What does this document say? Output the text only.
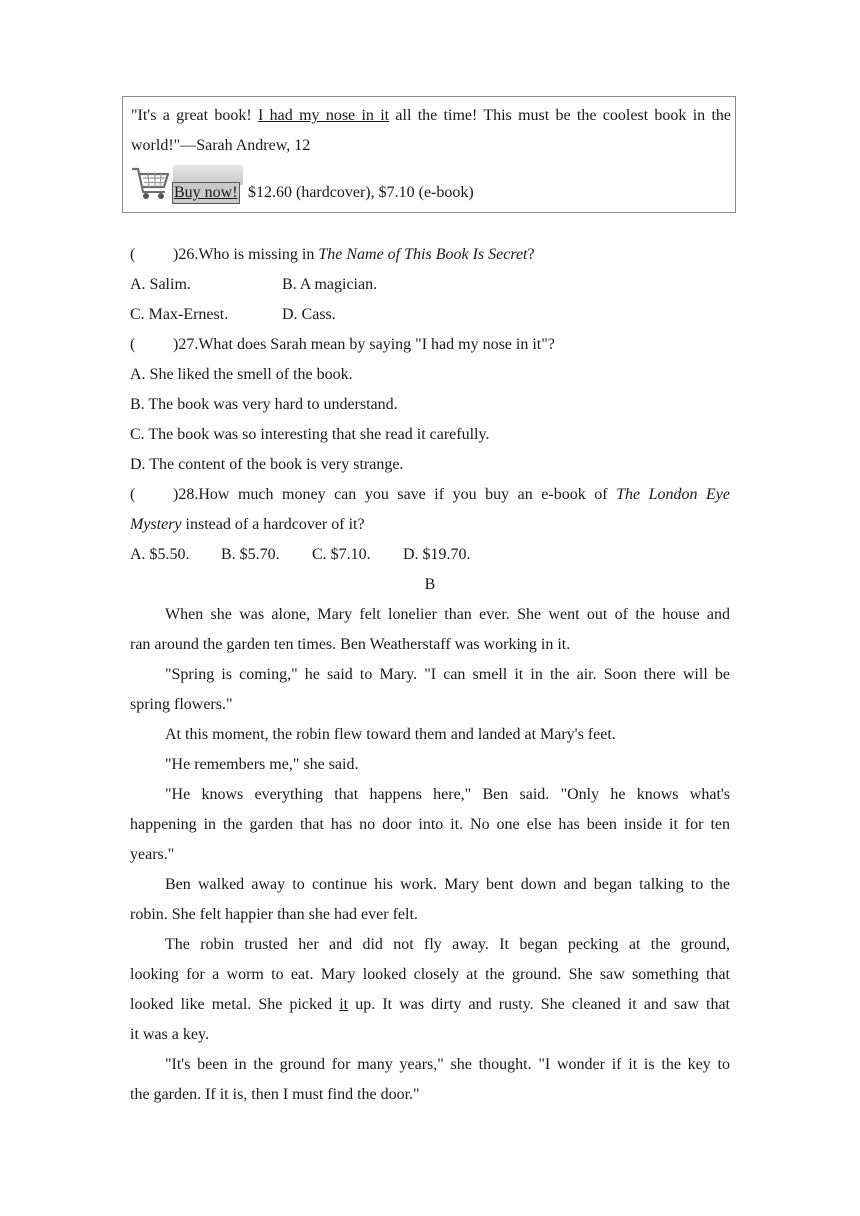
"It's a great book! I had my nose in it all the time! This must be the coolest book in the world!"—Sarah Andrew, 12
Buy now! $12.60 (hardcover), $7.10 (e-book)
( )26.Who is missing in The Name of This Book Is Secret?
A. Salim.	B. A magician.
C. Max-Ernest.	D. Cass.
( )27.What does Sarah mean by saying "I had my nose in it"?
A. She liked the smell of the book.
B. The book was very hard to understand.
C. The book was so interesting that she read it carefully.
D. The content of the book is very strange.
( )28.How much money can you save if you buy an e-book of The London Eye
Mystery instead of a hardcover of it?
A. $5.50. B. $5.70. C. $7.10. D. $19.70.
B
When she was alone, Mary felt lonelier than ever. She went out of the house and
ran around the garden ten times. Ben Weatherstaff was working in it.
"Spring is coming," he said to Mary. "I can smell it in the air. Soon there will be
spring flowers."
At this moment, the robin flew toward them and landed at Mary's feet.
"He remembers me," she said.
"He knows everything that happens here," Ben said. "Only he knows what's
happening in the garden that has no door into it. No one else has been inside it for ten
years."
Ben walked away to continue his work. Mary bent down and began talking to the
robin. She felt happier than she had ever felt.
The robin trusted her and did not fly away. It began pecking at the ground,
looking for a worm to eat. Mary looked closely at the ground. She saw something that
looked like metal. She picked it up. It was dirty and rusty. She cleaned it and saw that
it was a key.
"It's been in the ground for many years," she thought. "I wonder if it is the key to
the garden. If it is, then I must find the door."
